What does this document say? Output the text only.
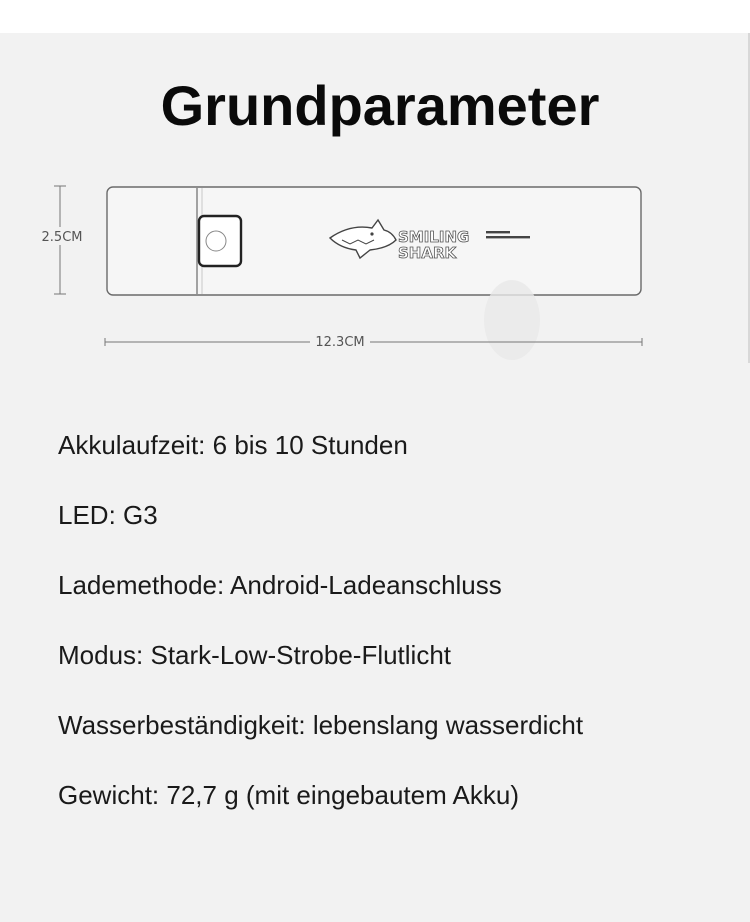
Grundparameter
2.5CM	SMILING
SHARK
12.3CM
Akkulaufzeit: 6 bis 10 Stunden
LED: G3
Lademethode: Android-Ladeanschluss
Modus: Stark-Low-Strobe-Flutlicht
Wasserbeständigkeit: lebenslang wasserdicht
Gewicht: 72,7 g (mit eingebautem Akku)
